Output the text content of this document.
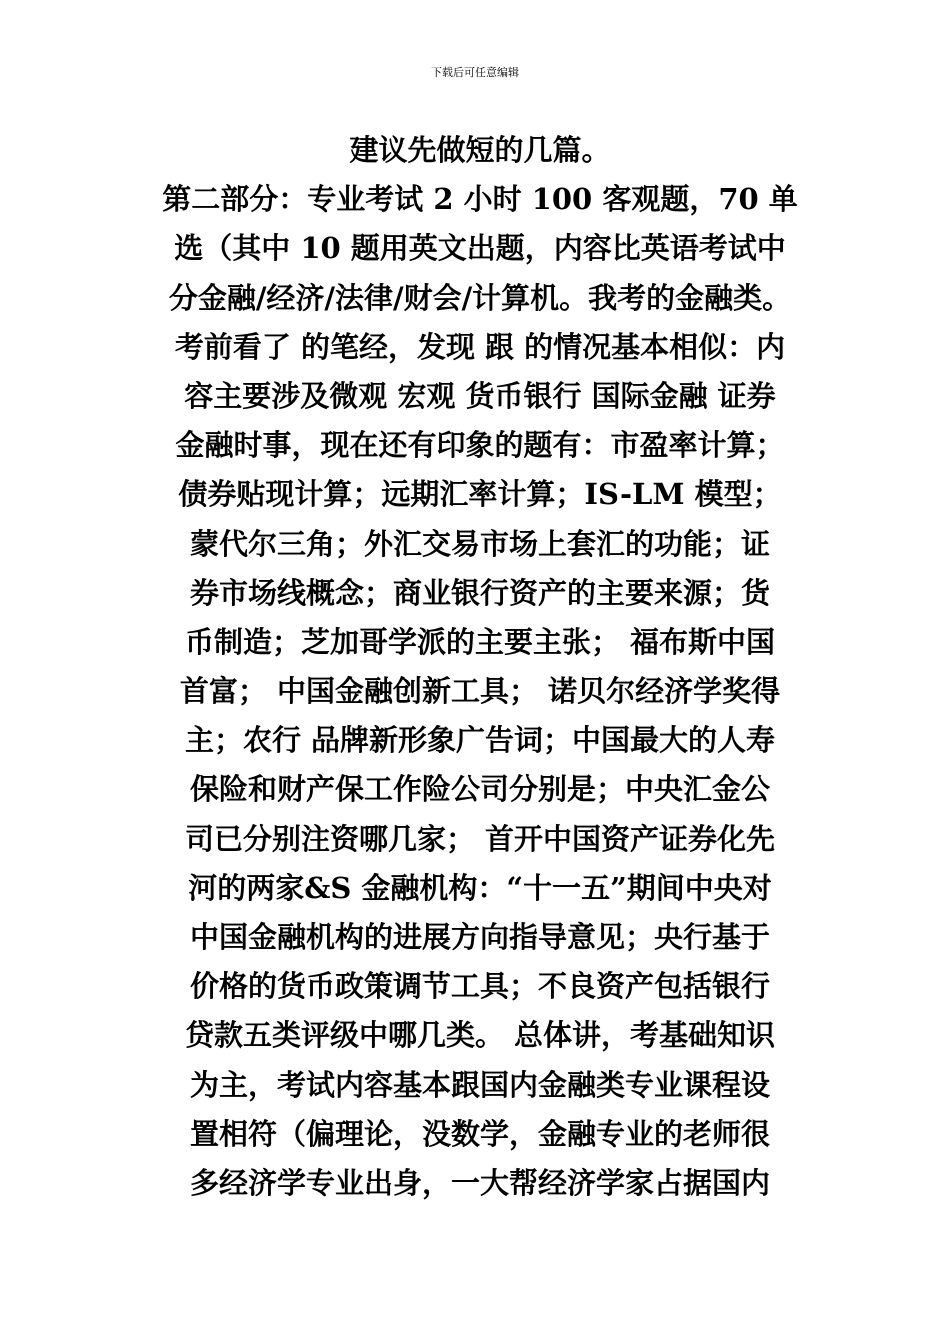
下载后可任意编辑
建议先做短的几篇。
第二部分：专业考试 2 小时 100 客观题，70 单
选（其中 10 题用英文出题，内容比英语考试中
分金融/经济/法律/财会/计算机。我考的金融类。
考前看了 的笔经，发现 跟 的情况基本相似：内
容主要涉及微观 宏观 货币银行 国际金融 证券
金融时事，现在还有印象的题有：市盈率计算；
债券贴现计算；远期汇率计算；IS-LM 模型；
蒙代尔三角；外汇交易市场上套汇的功能；证
券市场线概念；商业银行资产的主要来源；货
币制造；芝加哥学派的主要主张； 福布斯中国
首富； 中国金融创新工具； 诺贝尔经济学奖得
主；农行 品牌新形象广告词；中国最大的人寿
保险和财产保工作险公司分别是；中央汇金公
司已分别注资哪几家； 首开中国资产证券化先
河的两家&S 金融机构：“十一五”期间中央对
中国金融机构的进展方向指导意见；央行基于
价格的货币政策调节工具；不良资产包括银行
贷款五类评级中哪几类。 总体讲，考基础知识
为主，考试内容基本跟国内金融类专业课程设
置相符（偏理论，没数学，金融专业的老师很
多经济学专业出身，一大帮经济学家占据国内
